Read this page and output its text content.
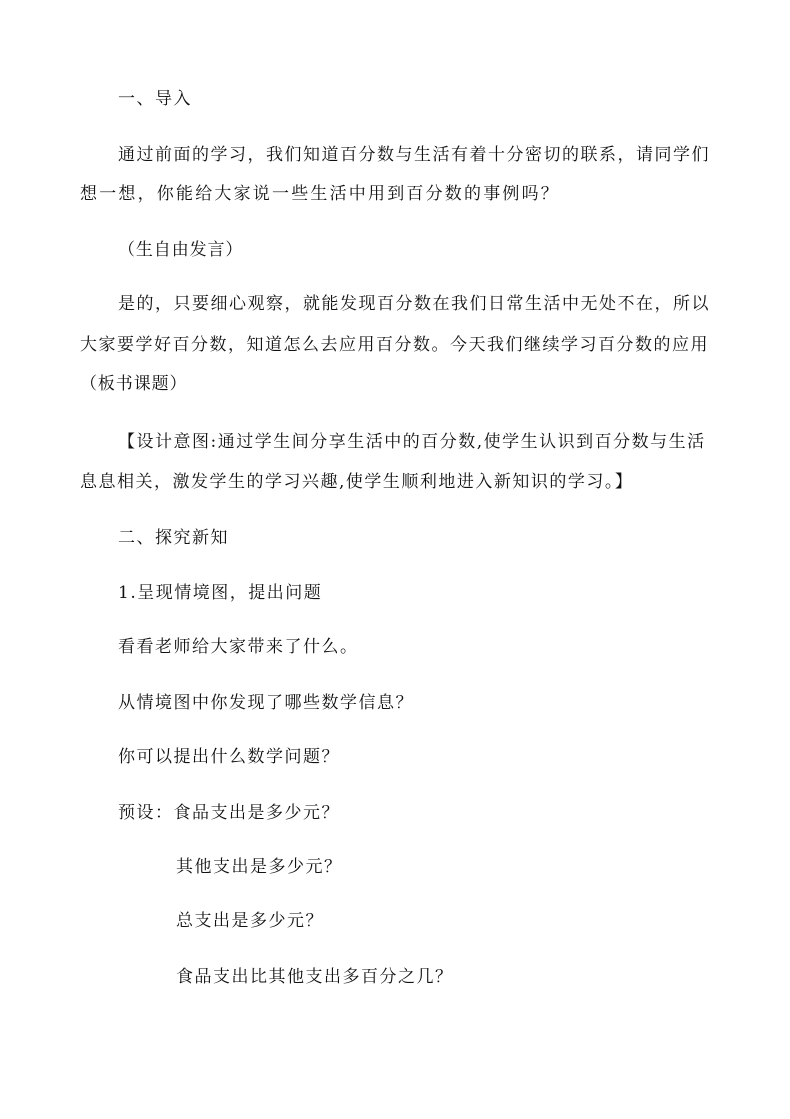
一、导入
通过前面的学习，我们知道百分数与生活有着十分密切的联系，请同学们
想一想，你能给大家说一些生活中用到百分数的事例吗？
（生自由发言）
是的，只要细心观察，就能发现百分数在我们日常生活中无处不在，所以
大家要学好百分数，知道怎么去应用百分数。今天我们继续学习百分数的应用
（板书课题）
【设计意图:通过学生间分享生活中的百分数,使学生认识到百分数与生活
息息相关，激发学生的学习兴趣,使学生顺利地进入新知识的学习。】
二、探究新知
1.呈现情境图，提出问题
看看老师给大家带来了什么。
从情境图中你发现了哪些数学信息？
你可以提出什么数学问题？
预设：食品支出是多少元？
其他支出是多少元？
总支出是多少元？
食品支出比其他支出多百分之几？
